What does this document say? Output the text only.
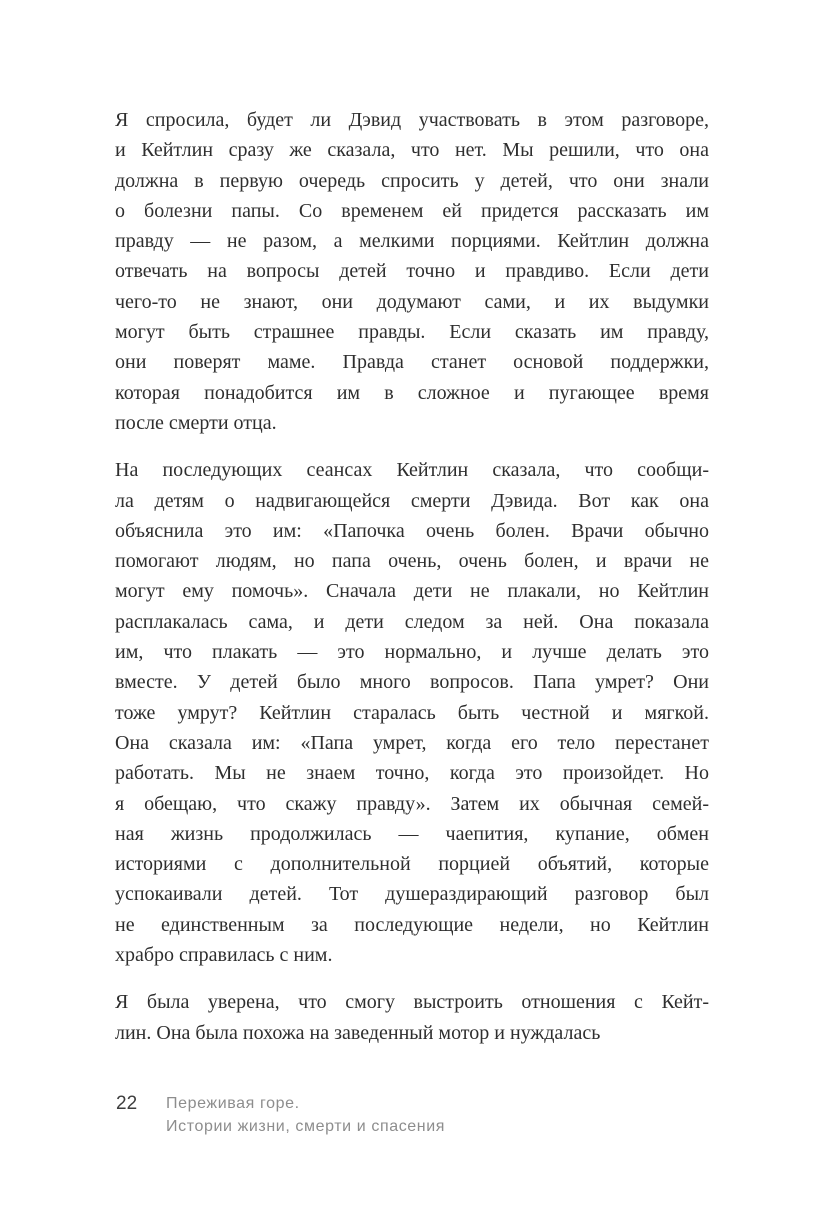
Я спросила, будет ли Дэвид участвовать в этом разговоре,
и Кейтлин сразу же сказала, что нет. Мы решили, что она
должна в первую очередь спросить у детей, что они знали
о болезни папы. Со временем ей придется рассказать им
правду — не разом, а мелкими порциями. Кейтлин должна
отвечать на вопросы детей точно и правдиво. Если дети
чего-то не знают, они додумают сами, и их выдумки
могут быть страшнее правды. Если сказать им правду,
они поверят маме. Правда станет основой поддержки,
которая понадобится им в сложное и пугающее время
после смерти отца.
На последующих сеансах Кейтлин сказала, что сообщи-
ла детям о надвигающейся смерти Дэвида. Вот как она
объяснила это им: «Папочка очень болен. Врачи обычно
помогают людям, но папа очень, очень болен, и врачи не
могут ему помочь». Сначала дети не плакали, но Кейтлин
расплакалась сама, и дети следом за ней. Она показала
им, что плакать — это нормально, и лучше делать это
вместе. У детей было много вопросов. Папа умрет? Они
тоже умрут? Кейтлин старалась быть честной и мягкой.
Она сказала им: «Папа умрет, когда его тело перестанет
работать. Мы не знаем точно, когда это произойдет. Но
я обещаю, что скажу правду». Затем их обычная семей-
ная жизнь продолжилась — чаепития, купание, обмен
историями с дополнительной порцией объятий, которые
успокаивали детей. Тот душераздирающий разговор был
не единственным за последующие недели, но Кейтлин
храбро справилась с ним.
Я была уверена, что смогу выстроить отношения с Кейт-
лин. Она была похожа на заведенный мотор и нуждалась
22	Переживая горе.
Истории жизни, смерти и спасения
